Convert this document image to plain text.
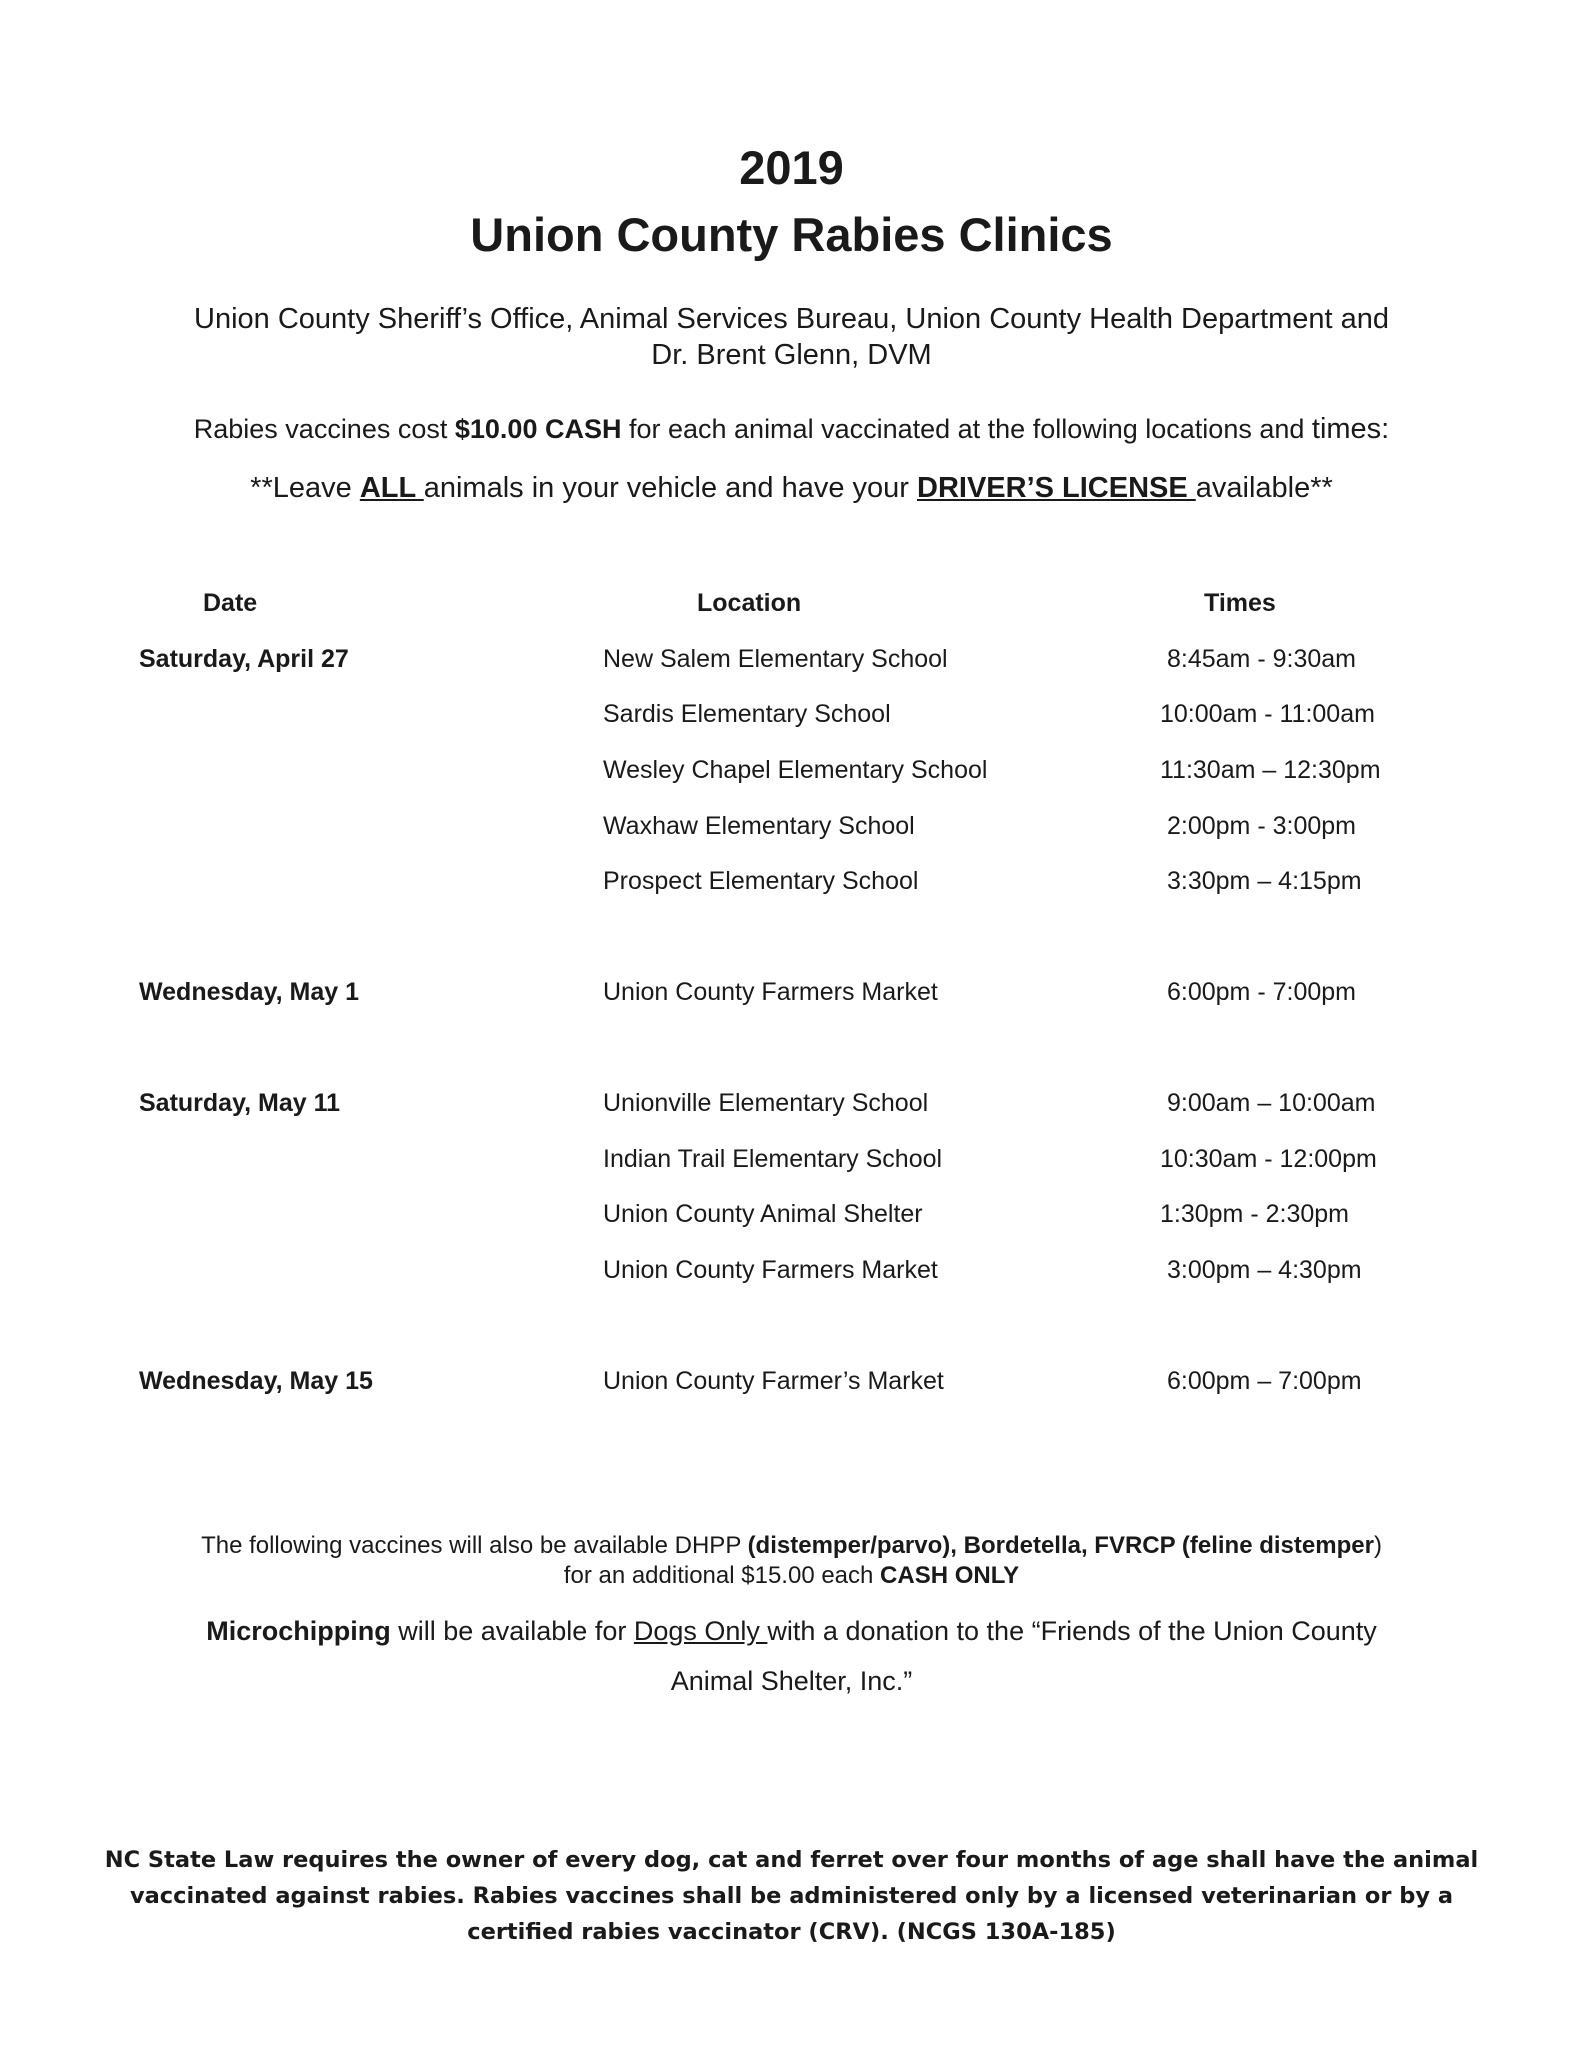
2019
Union County Rabies Clinics
Union County Sheriff’s Office, Animal Services Bureau, Union County Health Department and
Dr. Brent Glenn, DVM
Rabies vaccines cost $10.00 CASH for each animal vaccinated at the following locations and times:
**Leave ALL animals in your vehicle and have your DRIVER’S LICENSE available**
Date	Location	Times
Saturday, April 27	New Salem Elementary School	8:45am - 9:30am
Sardis Elementary School	10:00am - 11:00am
Wesley Chapel Elementary School	11:30am – 12:30pm
Waxhaw Elementary School	2:00pm - 3:00pm
Prospect Elementary School	3:30pm – 4:15pm
Wednesday, May 1	Union County Farmers Market	6:00pm - 7:00pm
Saturday, May 11	Unionville Elementary School	9:00am – 10:00am
Indian Trail Elementary School	10:30am - 12:00pm
Union County Animal Shelter	1:30pm - 2:30pm
Union County Farmers Market	3:00pm – 4:30pm
Wednesday, May 15	Union County Farmer’s Market	6:00pm – 7:00pm
The following vaccines will also be available DHPP (distemper/parvo), Bordetella, FVRCP (feline distemper)
for an additional $15.00 each CASH ONLY
Microchipping will be available for Dogs Only with a donation to the “Friends of the Union County
Animal Shelter, Inc.”
NC State Law requires the owner of every dog, cat and ferret over four months of age shall have the animal
vaccinated against rabies. Rabies vaccines shall be administered only by a licensed veterinarian or by a
certified rabies vaccinator (CRV). (NCGS 130A-185)
